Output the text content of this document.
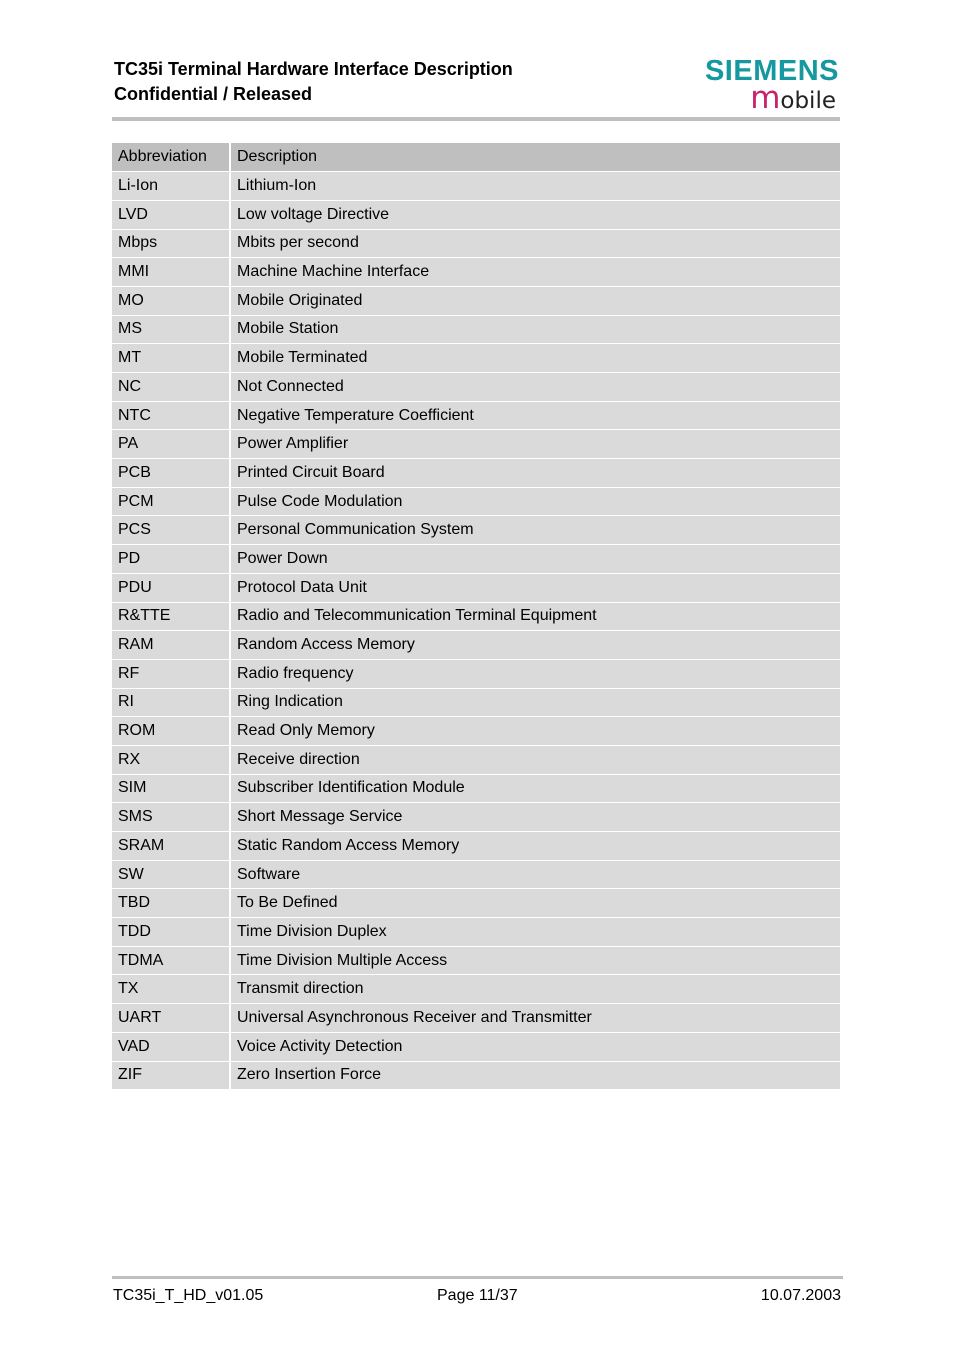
TC35i Terminal Hardware Interface Description
Confidential / Released
SIEMENS
mobile
Abbreviation	Description
Li-Ion	Lithium-Ion
LVD	Low voltage Directive
Mbps	Mbits per second
MMI	Machine Machine Interface
MO	Mobile Originated
MS	Mobile Station
MT	Mobile Terminated
NC	Not Connected
NTC	Negative Temperature Coefficient
PA	Power Amplifier
PCB	Printed Circuit Board
PCM	Pulse Code Modulation
PCS	Personal Communication System
PD	Power Down
PDU	Protocol Data Unit
R&TTE	Radio and Telecommunication Terminal Equipment
RAM	Random Access Memory
RF	Radio frequency
RI	Ring Indication
ROM	Read Only Memory
RX	Receive direction
SIM	Subscriber Identification Module
SMS	Short Message Service
SRAM	Static Random Access Memory
SW	Software
TBD	To Be Defined
TDD	Time Division Duplex
TDMA	Time Division Multiple Access
TX	Transmit direction
UART	Universal Asynchronous Receiver and Transmitter
VAD	Voice Activity Detection
ZIF	Zero Insertion Force
TC35i_T_HD_v01.05	Page 11/37	10.07.2003
